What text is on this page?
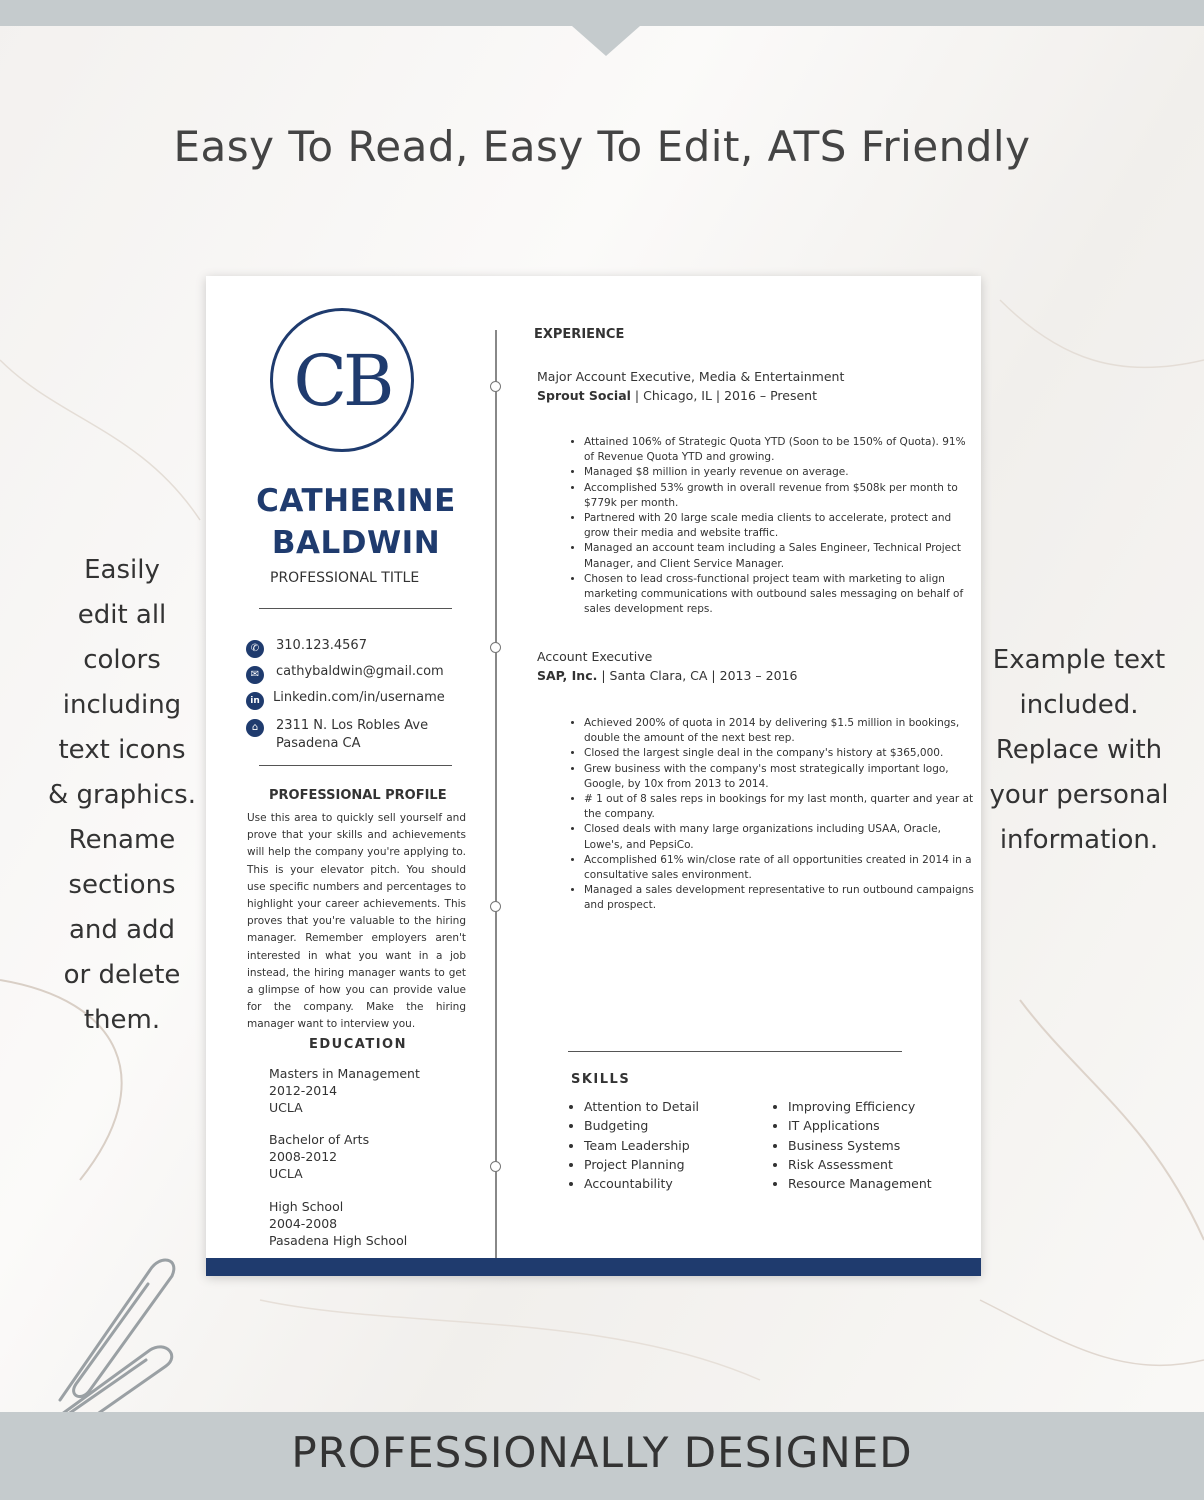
Easy To Read, Easy To Edit, ATS Friendly
Easily
edit all
colors
including
text icons
& graphics.
Rename
sections
and add
or delete
them.
Example text
included.
Replace with
your personal
information.
CB
CATHERINE
BALDWIN
PROFESSIONAL TITLE
✆	310.123.4567
✉	cathybaldwin@gmail.com
in	Linkedin.com/in/username
⌂	2311 N. Los Robles Ave
Pasadena CA
PROFESSIONAL PROFILE
Use this area to quickly sell yourself and prove that your skills and achievements will help the company you're applying to. This is your elevator pitch. You should use specific numbers and percentages to highlight your career achievements. This proves that you're valuable to the hiring manager. Remember employers aren't interested in what you want in a job instead, the hiring manager wants to get a glimpse of how you can provide value for the company. Make the hiring manager want to interview you.
EDUCATION
Masters in Management
2012-2014
UCLA
Bachelor of Arts
2008-2012
UCLA
High School
2004-2008
Pasadena High School
EXPERIENCE
Major Account Executive, Media & Entertainment
Sprout Social | Chicago, IL | 2016 – Present
• Attained 106% of Strategic Quota YTD (Soon to be 150% of Quota). 91% of Revenue Quota YTD and growing.
• Managed $8 million in yearly revenue on average.
• Accomplished 53% growth in overall revenue from $508k per month to $779k per month.
• Partnered with 20 large scale media clients to accelerate, protect and grow their media and website traffic.
• Managed an account team including a Sales Engineer, Technical Project Manager, and Client Service Manager.
• Chosen to lead cross-functional project team with marketing to align marketing communications with outbound sales messaging on behalf of sales development reps.
Account Executive
SAP, Inc. | Santa Clara, CA | 2013 – 2016
• Achieved 200% of quota in 2014 by delivering $1.5 million in bookings, double the amount of the next best rep.
• Closed the largest single deal in the company's history at $365,000.
• Grew business with the company's most strategically important logo, Google, by 10x from 2013 to 2014.
• # 1 out of 8 sales reps in bookings for my last month, quarter and year at the company.
• Closed deals with many large organizations including USAA, Oracle, Lowe's, and PepsiCo.
• Accomplished 61% win/close rate of all opportunities created in 2014 in a consultative sales environment.
• Managed a sales development representative to run outbound campaigns and prospect.
SKILLS
• Attention to Detail
• Budgeting
• Team Leadership
• Project Planning
• Accountability
• Improving Efficiency
• IT Applications
• Business Systems
• Risk Assessment
• Resource Management
PROFESSIONALLY DESIGNED
